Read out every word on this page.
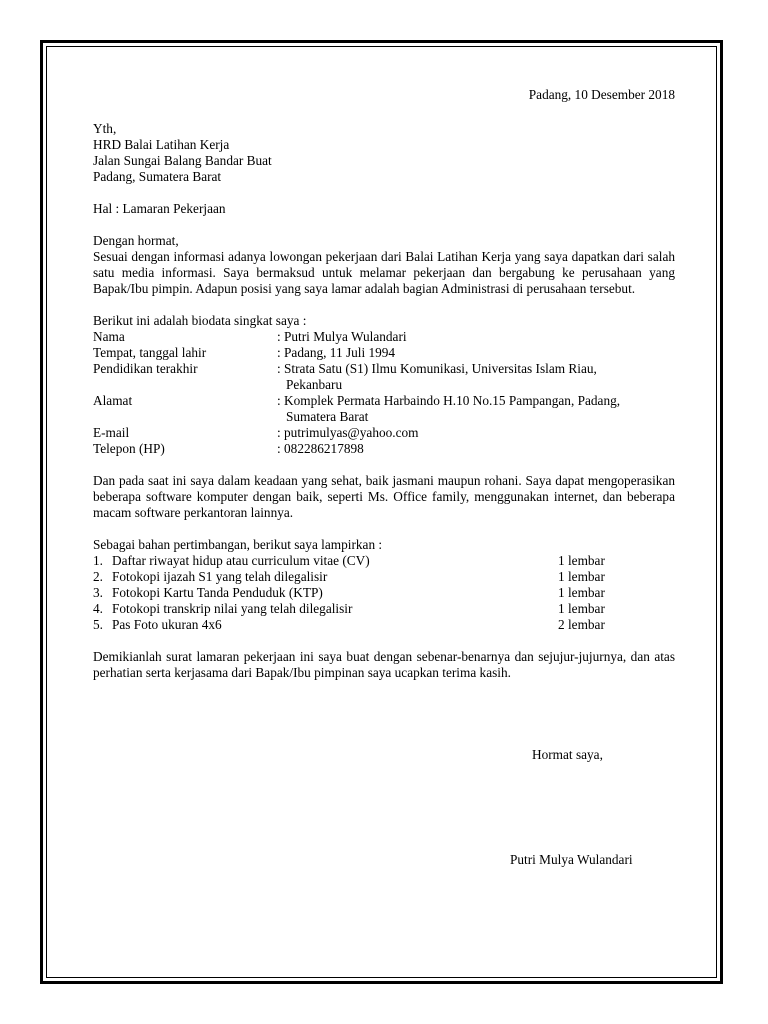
Padang, 10 Desember 2018
Yth,
HRD Balai Latihan Kerja
Jalan Sungai Balang Bandar Buat
Padang, Sumatera Barat
Hal : Lamaran Pekerjaan
Dengan hormat,
Sesuai dengan informasi adanya lowongan pekerjaan dari Balai Latihan Kerja yang saya dapatkan dari salah satu media informasi. Saya bermaksud untuk melamar pekerjaan dan bergabung ke perusahaan yang Bapak/Ibu pimpin. Adapun posisi yang saya lamar adalah bagian Administrasi di perusahaan tersebut.
Berikut ini adalah biodata singkat saya :
Nama	: Putri Mulya Wulandari
Tempat, tanggal lahir	: Padang, 11 Juli 1994
Pendidikan terakhir	: Strata Satu (S1) Ilmu Komunikasi, Universitas Islam Riau,
Pekanbaru
Alamat	: Komplek Permata Harbaindo H.10 No.15 Pampangan, Padang,
Sumatera Barat
E-mail	: putrimulyas@yahoo.com
Telepon (HP)	: 082286217898
Dan pada saat ini saya dalam keadaan yang sehat, baik jasmani maupun rohani. Saya dapat mengoperasikan beberapa software komputer dengan baik, seperti Ms. Office family, menggunakan internet, dan beberapa macam software perkantoran lainnya.
Sebagai bahan pertimbangan, berikut saya lampirkan :
1. Daftar riwayat hidup atau curriculum vitae (CV)	1 lembar
2. Fotokopi ijazah S1 yang telah dilegalisir	1 lembar
3. Fotokopi Kartu Tanda Penduduk (KTP)	1 lembar
4. Fotokopi transkrip nilai yang telah dilegalisir	1 lembar
5. Pas Foto ukuran 4x6	2 lembar
Demikianlah surat lamaran pekerjaan ini saya buat dengan sebenar-benarnya dan sejujur-jujurnya, dan atas perhatian serta kerjasama dari Bapak/Ibu pimpinan saya ucapkan terima kasih.
Hormat saya,
Putri Mulya Wulandari
